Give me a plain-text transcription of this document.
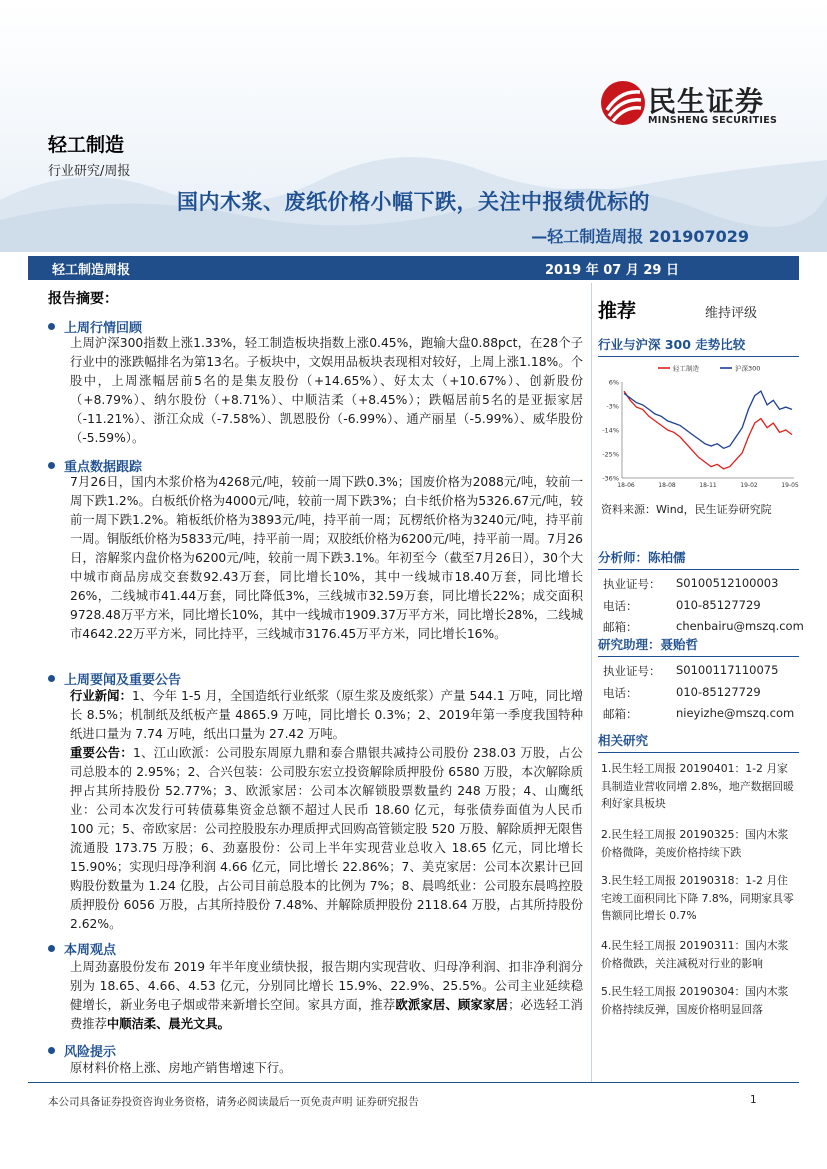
轻工制造
行业研究/周报
民生证券
MINSHENG SECURITIES
国内木浆、废纸价格小幅下跌，关注中报绩优标的
—轻工制造周报 201907029
轻工制造周报	2019 年 07 月 29 日
报告摘要：
上周行情回顾

上周沪深300指数上涨1.33%，轻工制造板块指数上涨0.45%，跑输大盘0.88pct，在28个子行业中的涨跌幅排名为第13名。子板块中，文娱用品板块表现相对较好，上周上涨1.18%。个股中，上周涨幅居前5名的是集友股份（+14.65%）、好太太（+10.67%）、创新股份（+8.79%）、纳尔股份（+8.71%）、中顺洁柔（+8.45%）；跌幅居前5名的是亚振家居（-11.21%）、浙江众成（-7.58%）、凯恩股份（-6.99%）、通产丽星（-5.99%）、威华股份（-5.59%）。

重点数据跟踪

7月26日，国内木浆价格为4268元/吨，较前一周下跌0.3%；国废价格为2088元/吨，较前一周下跌1.2%。白板纸价格为4000元/吨，较前一周下跌3%；白卡纸价格为5326.67元/吨，较前一周下跌1.2%。箱板纸价格为3893元/吨，持平前一周；瓦楞纸价格为3240元/吨，持平前一周。铜版纸价格为5833元/吨，持平前一周；双胶纸价格为6200元/吨，持平前一周。7月26日，溶解浆内盘价格为6200元/吨，较前一周下跌3.1%。年初至今（截至7月26日），30个大中城市商品房成交套数92.43万套，同比增长10%，其中一线城市18.40万套，同比增长26%，二线城市41.44万套，同比降低3%，三线城市32.59万套，同比增长22%；成交面积9728.48万平方米，同比增长10%，其中一线城市1909.37万平方米，同比增长28%，二线城市4642.22万平方米，同比持平，三线城市3176.45万平方米，同比增长16%。

上周要闻及重要公告

行业新闻：1、今年 1-5 月，全国造纸行业纸浆（原生浆及废纸浆）产量 544.1 万吨，同比增长 8.5%；机制纸及纸板产量 4865.9 万吨，同比增长 0.3%；2、2019年第一季度我国特种纸进口量为 7.74 万吨，纸出口量为 27.42 万吨。

重要公告：1、江山欧派：公司股东周原九鼎和泰合鼎银共减持公司股份 238.03 万股，占公司总股本的 2.95%；2、合兴包装：公司股东宏立投资解除质押股份 6580 万股，本次解除质押占其所持股份 52.77%；3、欧派家居：公司本次解锁股票数量约 248 万股；4、山鹰纸业：公司本次发行可转债募集资金总额不超过人民币 18.60 亿元，每张债券面值为人民币 100 元；5、帝欧家居：公司控股股东办理质押式回购高管锁定股 520 万股、解除质押无限售流通股 173.75 万股；6、劲嘉股份：公司上半年实现营业总收入 18.65 亿元，同比增长 15.90%；实现归母净利润 4.66 亿元，同比增长 22.86%；7、美克家居：公司本次累计已回购股份数量为 1.24 亿股，占公司目前总股本的比例为 7%；8、晨鸣纸业：公司股东晨鸣控股质押股份 6056 万股，占其所持股份 7.48%、并解除质押股份 2118.64 万股，占其所持股份 2.62%。

本周观点

上周劲嘉股份发布 2019 年半年度业绩快报，报告期内实现营收、归母净利润、扣非净利润分别为 18.65、4.66、4.53 亿元，分别同比增长 15.9%、22.9%、25.5%。公司主业延续稳健增长，新业务电子烟或带来新增长空间。家具方面，推荐欧派家居、顾家家居；必选轻工消费推荐中顺洁柔、晨光文具。

风险提示

原材料价格上涨、房地产销售增速下行。

推荐	维持评级
行业与沪深 300 走势比较
6%
-3%
-14%
-25%
-36%
18-06	18-08	18-11	19-02	19-05
轻工制造	沪深300
资料来源：Wind，民生证券研究院
分析师：陈柏儒
执业证号： S0100512100003
电话：	010-85127729
邮箱：	chenbairu@mszq.com
研究助理：聂贻哲
执业证号： S0100117110075
电话：	010-85127729
邮箱：	nieyizhe@mszq.com
相关研究

1.民生轻工周报 20190401：1-2 月家具制造业营收同增 2.8%，地产数据回暖利好家具板块

2.民生轻工周报 20190325：国内木浆价格微降，美废价格持续下跌

3.民生轻工周报 20190318：1-2 月住宅竣工面积同比下降 7.8%，同期家具零售额同比增长 0.7%

4.民生轻工周报 20190311：国内木浆价格微跌，关注减税对行业的影响

5.民生轻工周报 20190304：国内木浆价格持续反弹，国废价格明显回落

本公司具备证券投资咨询业务资格，请务必阅读最后一页免责声明 证券研究报告	1
